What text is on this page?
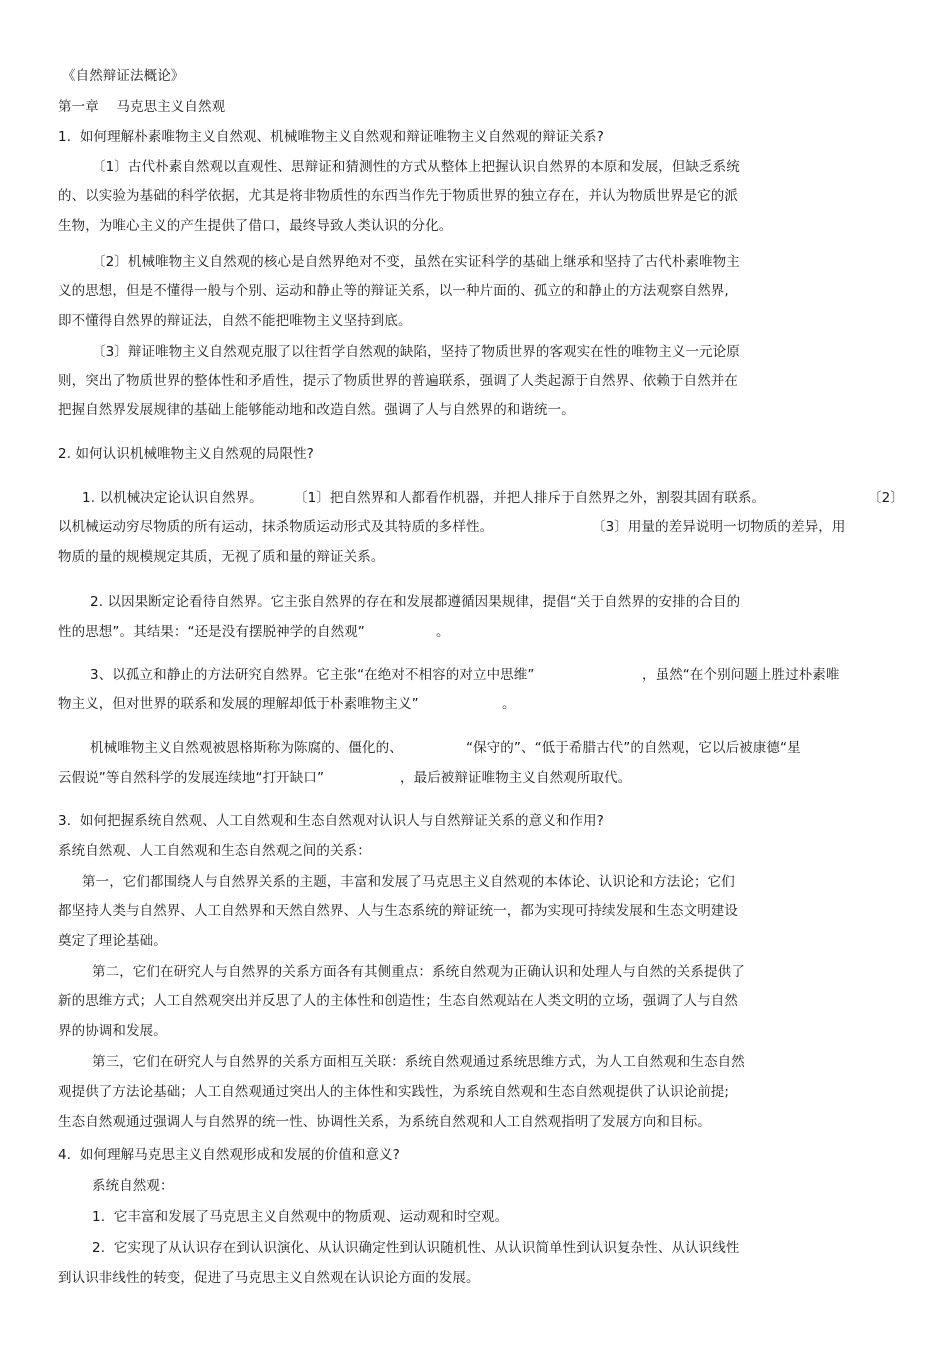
《自然辩证法概论》
第一章    马克思主义自然观
1.  如何理解朴素唯物主义自然观、机械唯物主义自然观和辩证唯物主义自然观的辩证关系?
〔1〕古代朴素自然观以直观性、思辩证和猜测性的方式从整体上把握认识自然界的本原和发展，但缺乏系统
的、以实验为基础的科学依据，尤其是将非物质性的东西当作先于物质世界的独立存在，并认为物质世界是它的派
生物，为唯心主义的产生提供了借口，最终导致人类认识的分化。
〔2〕机械唯物主义自然观的核心是自然界绝对不变，虽然在实证科学的基础上继承和坚持了古代朴素唯物主
义的思想，但是不懂得一般与个别、运动和静止等的辩证关系，以一种片面的、孤立的和静止的方法观察自然界,
即不懂得自然界的辩证法，自然不能把唯物主义坚持到底。
〔3〕辩证唯物主义自然观克服了以往哲学自然观的缺陷，坚持了物质世界的客观实在性的唯物主义一元论原
则，突出了物质世界的整体性和矛盾性，提示了物质世界的普遍联系，强调了人类起源于自然界、依赖于自然并在
把握自然界发展规律的基础上能够能动地和改造自然。强调了人与自然界的和谐统一。
2. 如何认识机械唯物主义自然观的局限性?
1. 以机械决定论认识自然界。 〔1〕把自然界和人都看作机器，并把人排斥于自然界之外，割裂其固有联系。	〔2〕
以机械运动穷尽物质的所有运动，抹杀物质运动形式及其特质的多样性。	〔3〕用量的差异说明一切物质的差异，用
物质的量的规模规定其质，无视了质和量的辩证关系。
2. 以因果断定论看待自然界。它主张自然界的存在和发展都遵循因果规律，提倡“关于自然界的安排的合目的
性的思想”。其结果：“还是没有摆脱神学的自然观”	。
3、以孤立和静止的方法研究自然界。它主张“在绝对不相容的对立中思维”	，虽然“在个别问题上胜过朴素唯
物主义，但对世界的联系和发展的理解却低于朴素唯物主义”	。
机械唯物主义自然观被恩格斯称为陈腐的、僵化的、	“保守的”、“低于希腊古代”的自然观，它以后被康德“星
云假说”等自然科学的发展连续地“打开缺口”	，最后被辩证唯物主义自然观所取代。
3.  如何把握系统自然观、人工自然观和生态自然观对认识人与自然辩证关系的意义和作用?
系统自然观、人工自然观和生态自然观之间的关系：
第一，它们都围绕人与自然界关系的主题，丰富和发展了马克思主义自然观的本体论、认识论和方法论；它们
都坚持人类与自然界、人工自然界和天然自然界、人与生态系统的辩证统一，都为实现可持续发展和生态文明建设
奠定了理论基础。
第二，它们在研究人与自然界的关系方面各有其侧重点：系统自然观为正确认识和处理人与自然的关系提供了
新的思维方式；人工自然观突出并反思了人的主体性和创造性；生态自然观站在人类文明的立场，强调了人与自然
界的协调和发展。
第三，它们在研究人与自然界的关系方面相互关联：系统自然观通过系统思维方式，为人工自然观和生态自然
观提供了方法论基础；人工自然观通过突出人的主体性和实践性，为系统自然观和生态自然观提供了认识论前提;
生态自然观通过强调人与自然界的统一性、协调性关系，为系统自然观和人工自然观指明了发展方向和目标。
4.  如何理解马克思主义自然观形成和发展的价值和意义?
系统自然观：
1.  它丰富和发展了马克思主义自然观中的物质观、运动观和时空观。
2.  它实现了从认识存在到认识演化、从认识确定性到认识随机性、从认识简单性到认识复杂性、从认识线性
到认识非线性的转变，促进了马克思主义自然观在认识论方面的发展。
